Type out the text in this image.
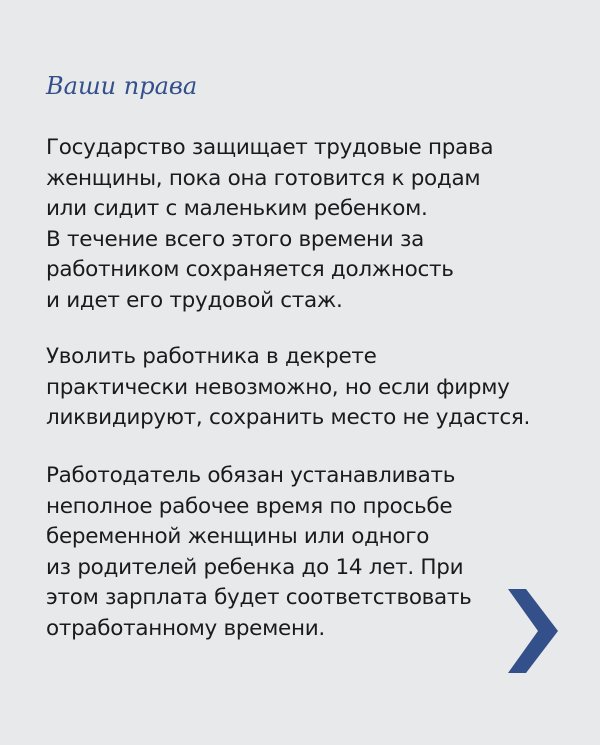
Ваши права
Государство защищает трудовые права
женщины, пока она готовится к родам
или сидит с маленьким ребенком.
В течение всего этого времени за
работником сохраняется должность
и идет его трудовой стаж.
Уволить работника в декрете
практически невозможно, но если фирму
ликвидируют, сохранить место не удастся.
Работодатель обязан устанавливать
неполное рабочее время по просьбе
беременной женщины или одного
из родителей ребенка до 14 лет. При
этом зарплата будет соответствовать
отработанному времени.
